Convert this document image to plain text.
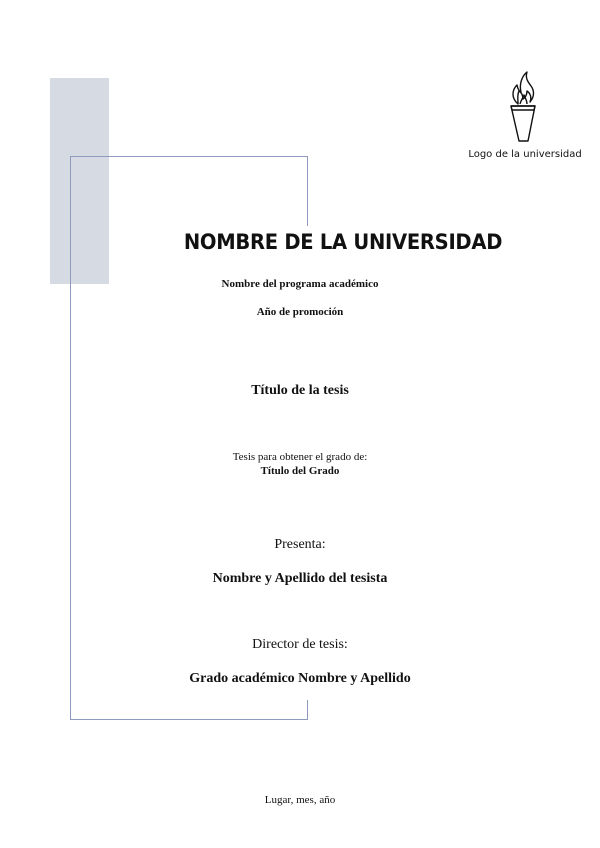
Logo de la universidad
NOMBRE DE LA UNIVERSIDAD
Nombre del programa académico
Año de promoción
Título de la tesis
Tesis para obtener el grado de:
Título del Grado
Presenta:
Nombre y Apellido del tesista
Director de tesis:
Grado académico Nombre y Apellido
Lugar, mes, año
